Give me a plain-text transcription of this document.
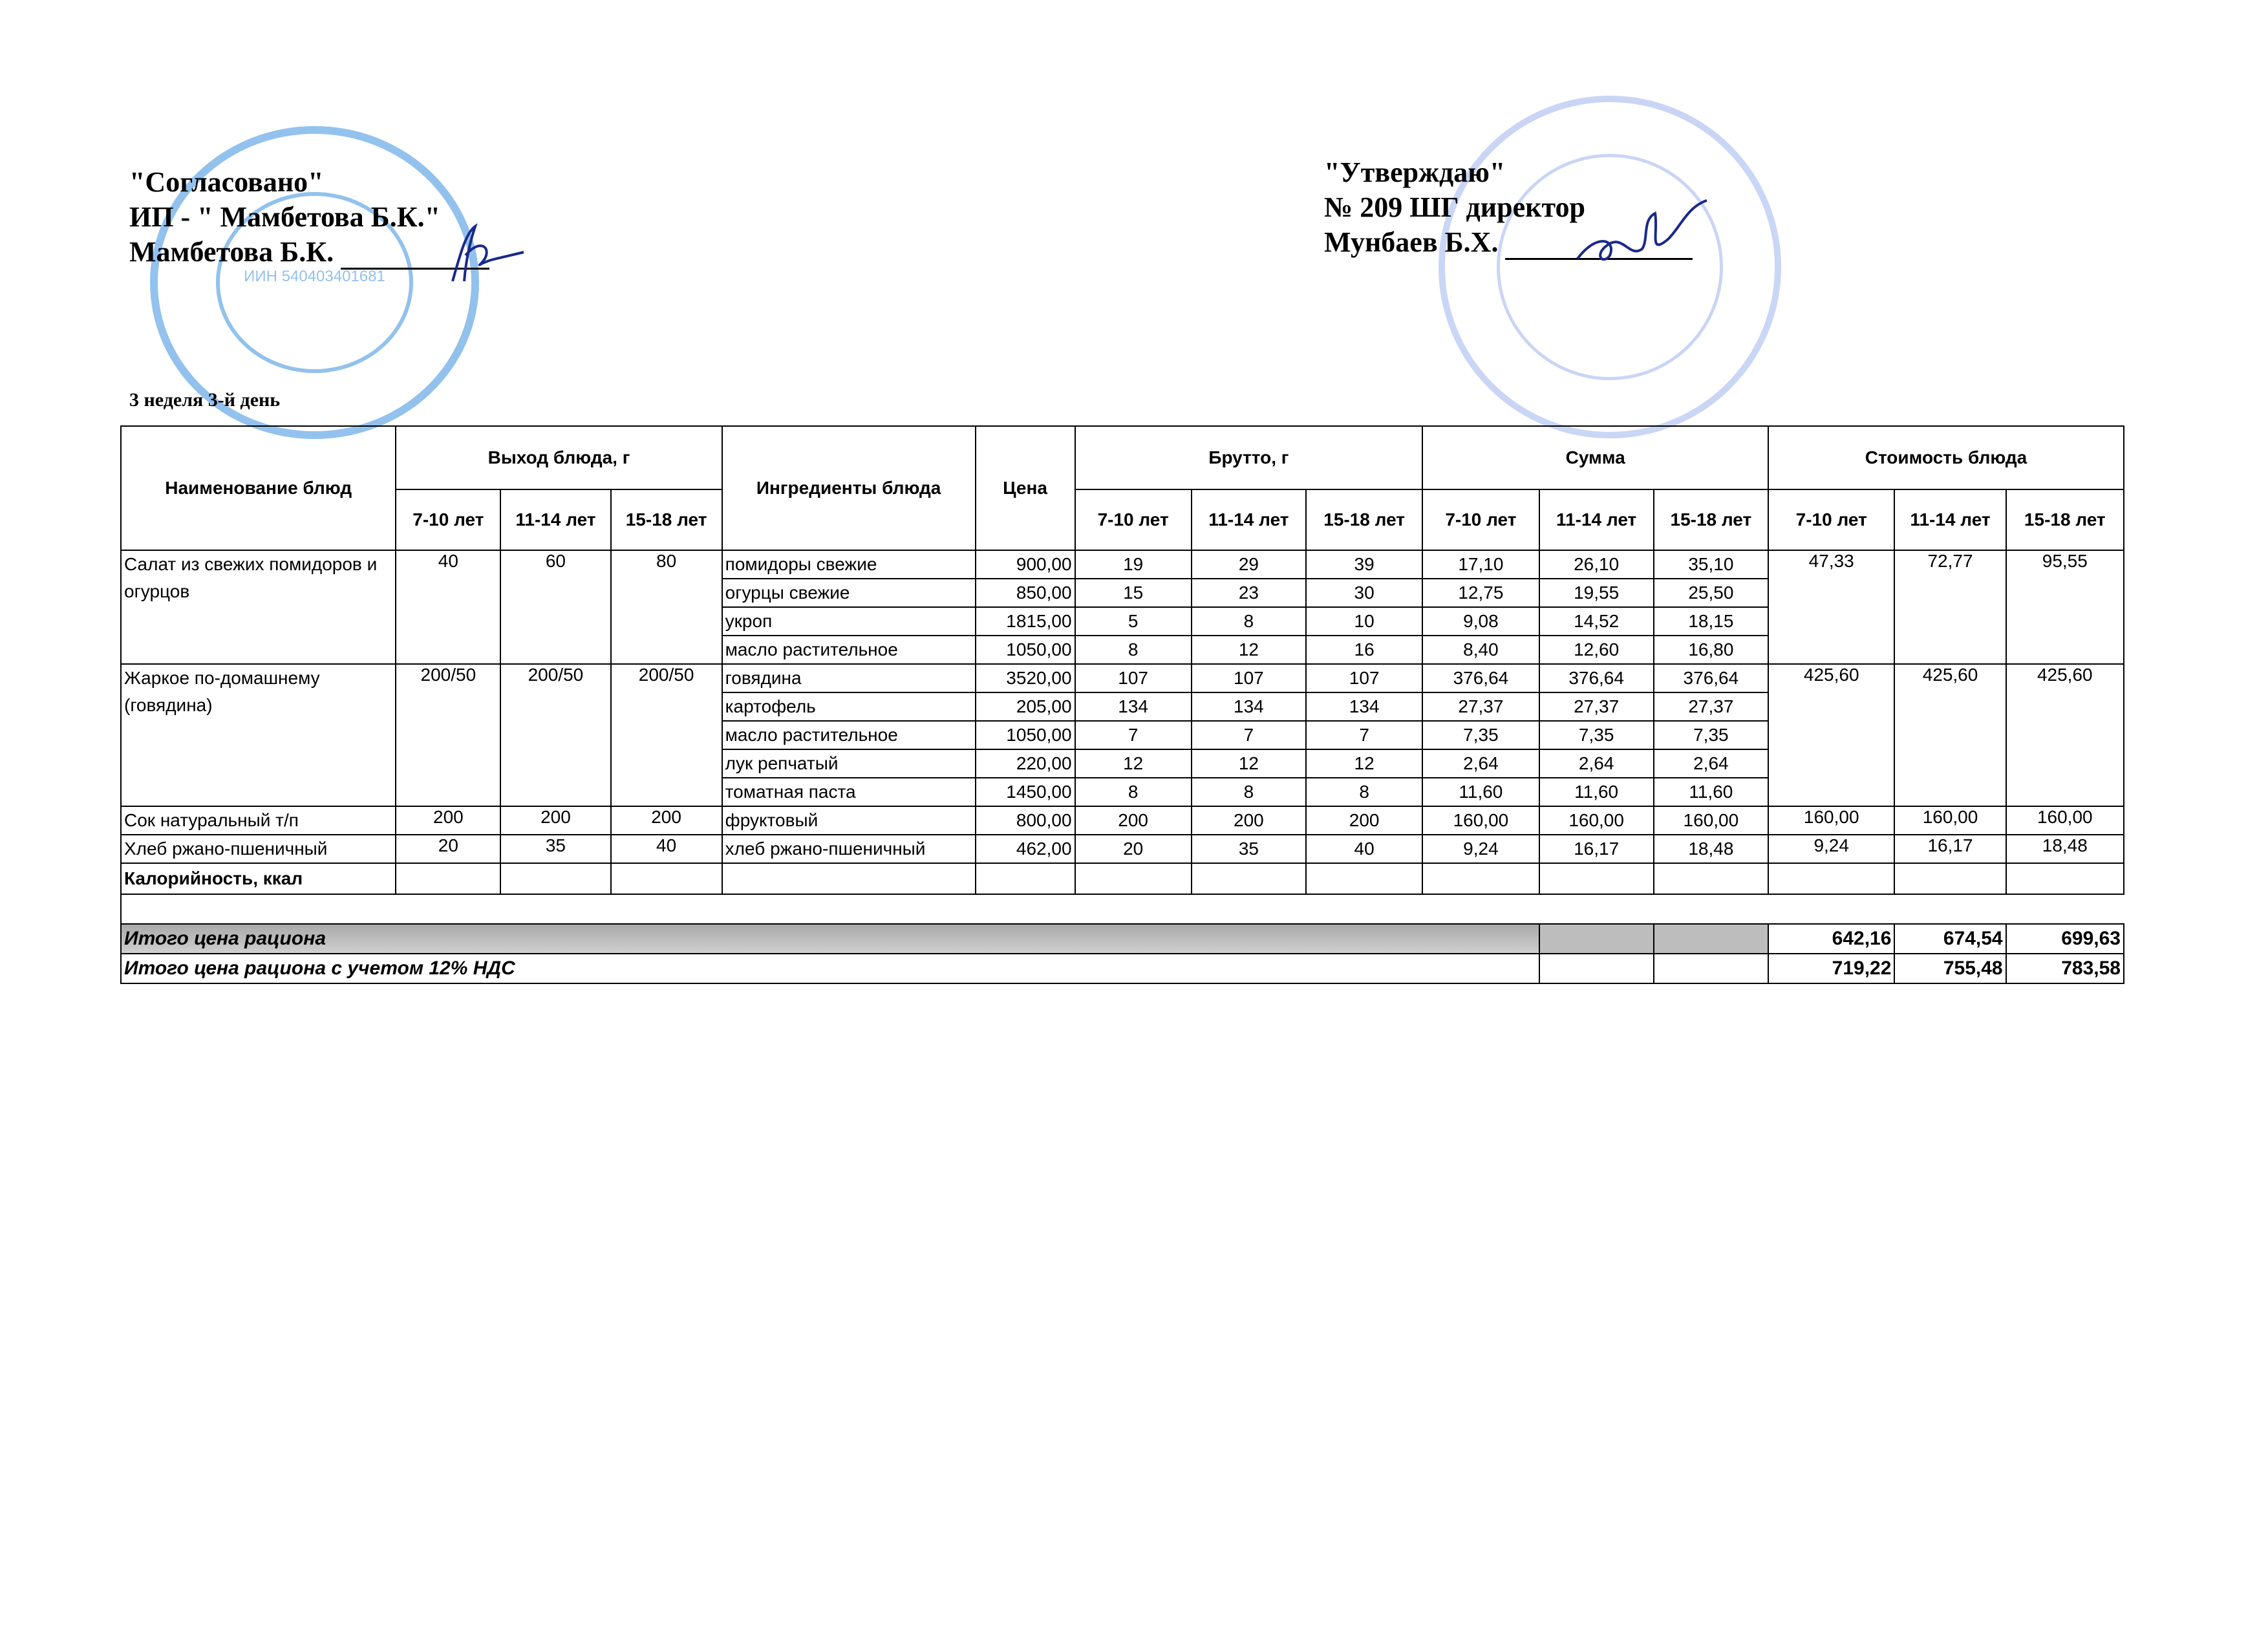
ИИН 540403401681
"Согласовано"
ИП - " Мамбетова Б.К."
Мамбетова Б.К.
"Утверждаю"
№ 209 ШГ директор
Мунбаев Б.Х.
3 неделя 3-й день
Наименование блюд	Выход блюда, г			Ингредиенты блюда	Цена	Брутто, г			Сумма			Стоимость блюда		
	7-10 лет	11-14 лет	15-18 лет			7-10 лет	11-14 лет	15-18 лет	7-10 лет	11-14 лет	15-18 лет	7-10 лет	11-14 лет	15-18 лет
Салат из свежих помидоров и огурцов	40	60	80	помидоры свежие	900,00	19	29	39	17,10	26,10	35,10	47,33	72,77	95,55
				огурцы свежие	850,00	15	23	30	12,75	19,55	25,50			
				укроп	1815,00	5	8	10	9,08	14,52	18,15			
				масло растительное	1050,00	8	12	16	8,40	12,60	16,80			
Жаркое по-домашнему (говядина)	200/50	200/50	200/50	говядина	3520,00	107	107	107	376,64	376,64	376,64	425,60	425,60	425,60
				картофель	205,00	134	134	134	27,37	27,37	27,37			
				масло растительное	1050,00	7	7	7	7,35	7,35	7,35			
				лук репчатый	220,00	12	12	12	2,64	2,64	2,64			
				томатная паста	1450,00	8	8	8	11,60	11,60	11,60			
Сок натуральный т/п	200	200	200	фруктовый	800,00	200	200	200	160,00	160,00	160,00	160,00	160,00	160,00
Хлеб ржано-пшеничный	20	35	40	хлеб ржано-пшеничный	462,00	20	35	40	9,24	16,17	18,48	9,24	16,17	18,48
Калорийность, ккал														

Итого цена рациона												642,16	674,54	699,63
Итого цена рациона с учетом 12% НДС												719,22	755,48	783,58
